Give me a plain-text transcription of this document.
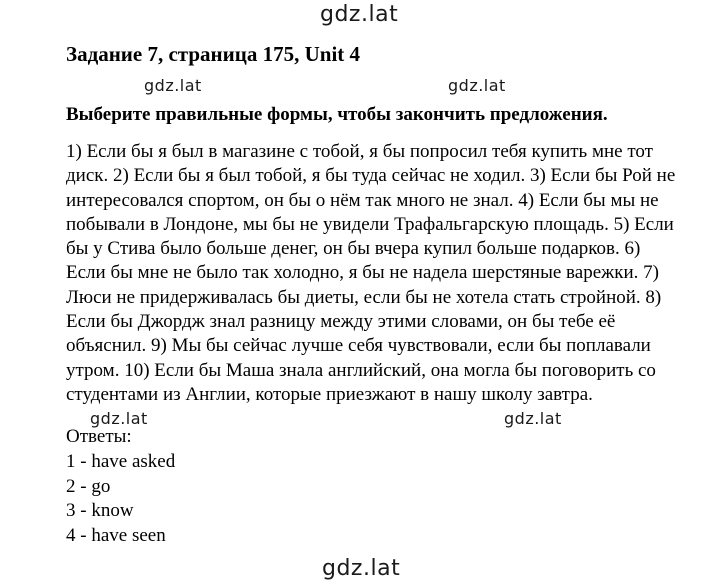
gdz.lat
Задание 7, страница 175, Unit 4
gdz.lat	gdz.lat
Выберите правильные формы, чтобы закончить предложения.

1) Если бы я был в магазине с тобой, я бы попросил тебя купить мне тот диск. 2) Если бы я был тобой, я бы туда сейчас не ходил. 3) Если бы Рой не интересовался спортом, он бы о нём так много не знал. 4) Если бы мы не побывали в Лондоне, мы бы не увидели Трафальгарскую площадь. 5) Если бы у Стива было больше денег, он бы вчера купил больше подарков. 6) Если бы мне не было так холодно, я бы не надела шерстяные варежки. 7) Люси не придерживалась бы диеты, если бы не хотела стать стройной. 8) Если бы Джордж знал разницу между этими словами, он бы тебе её объяснил. 9) Мы бы сейчас лучше себя чувствовали, если бы поплавали утром. 10) Если бы Маша знала английский, она могла бы поговорить со студентами из Англии, которые приезжают в нашу школу завтра.

gdz.lat	gdz.lat
Ответы:
1 - have asked
2 - go
3 - know
4 - have seen
gdz.lat
